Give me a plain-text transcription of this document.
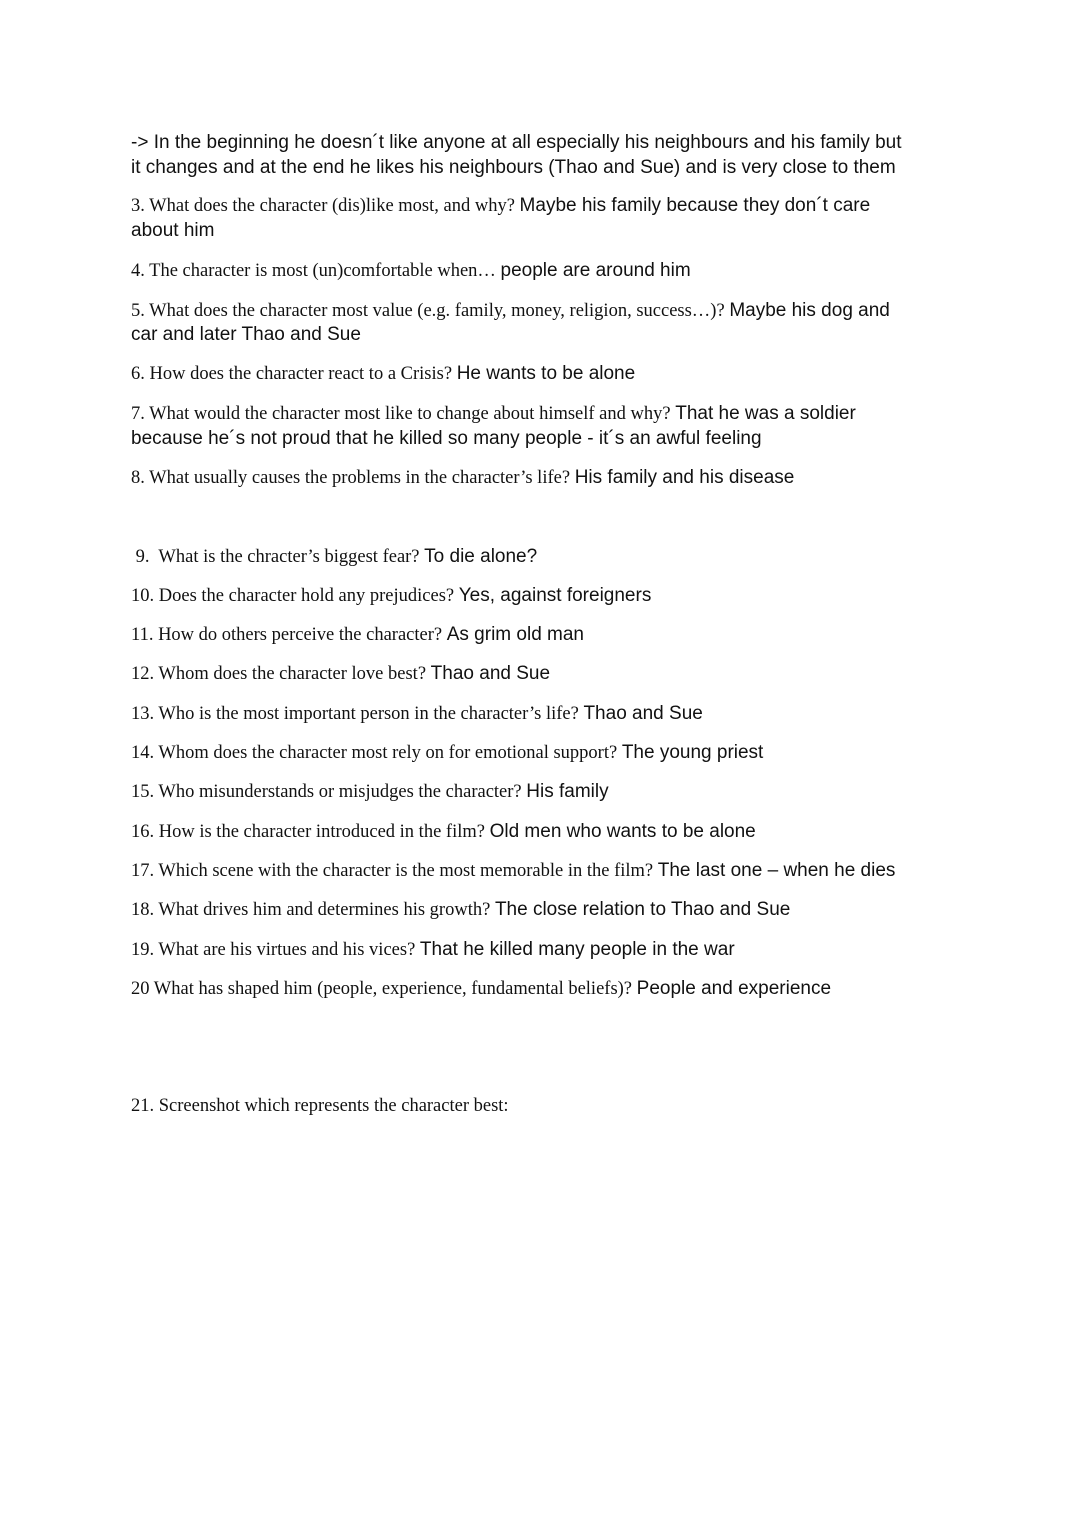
-> In the beginning he doesn´t like anyone at all especially his neighbours and his family but
it changes and at the end he likes his neighbours (Thao and Sue) and is very close to them
3. What does the character (dis)like most, and why? Maybe his family because they don´t care
about him
4. The character is most (un)comfortable when… people are around him
5. What does the character most value (e.g. family, money, religion, success…)? Maybe his dog and
car and later Thao and Sue
6. How does the character react to a Crisis? He wants to be alone
7. What would the character most like to change about himself and why? That he was a soldier
because he´s not proud that he killed so many people - it´s an awful feeling
8. What usually causes the problems in the character’s life? His family and his disease
9.  What is the chracter’s biggest fear? To die alone?
10. Does the character hold any prejudices? Yes, against foreigners
11. How do others perceive the character? As grim old man
12. Whom does the character love best? Thao and Sue
13. Who is the most important person in the character’s life? Thao and Sue
14. Whom does the character most rely on for emotional support? The young priest
15. Who misunderstands or misjudges the character? His family
16. How is the character introduced in the film? Old men who wants to be alone
17. Which scene with the character is the most memorable in the film? The last one – when he dies
18. What drives him and determines his growth? The close relation to Thao and Sue
19. What are his virtues and his vices? That he killed many people in the war
20 What has shaped him (people, experience, fundamental beliefs)? People and experience
21. Screenshot which represents the character best:
